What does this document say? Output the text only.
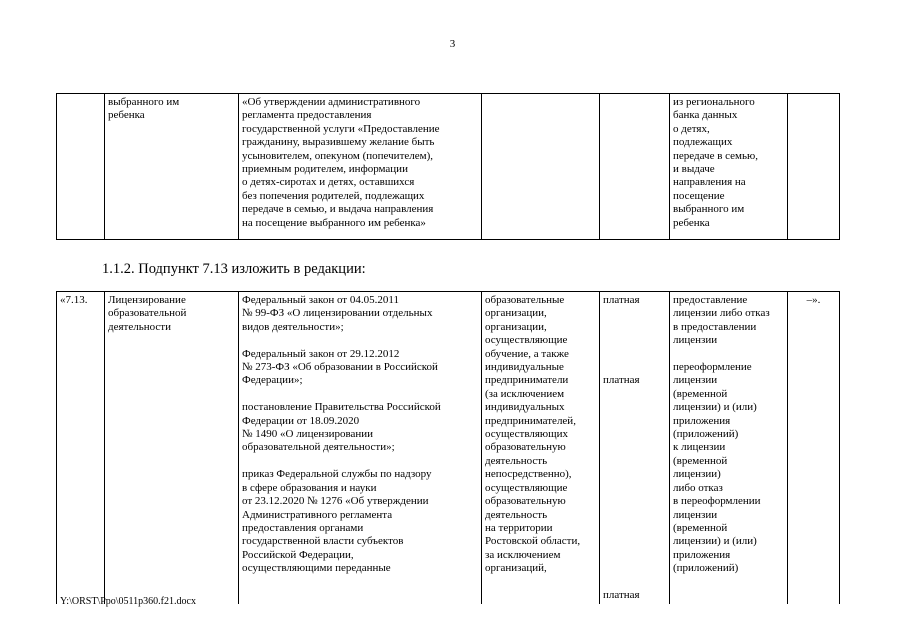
3
	выбранного им
ребенка	«Об утверждении административного
регламента предоставления
государственной услуги «Предоставление
гражданину, выразившему желание быть
усыновителем, опекуном (попечителем),
приемным родителем, информации
о детях-сиротах и детях, оставшихся
без попечения родителей, подлежащих
передаче в семью, и выдача направления
на посещение выбранного им ребенка»			из регионального
банка данных
о детях,
подлежащих
передаче в семью,
и выдаче
направления на
посещение
выбранного им
ребенка	
1.1.2. Подпункт 7.13 изложить в редакции:
«7.13.	Лицензирование
образовательной
деятельности	Федеральный закон от 04.05.2011
№ 99-ФЗ «О лицензировании отдельных
видов деятельности»;

Федеральный закон от 29.12.2012
№ 273-ФЗ «Об образовании в Российской
Федерации»;

постановление Правительства Российской
Федерации от 18.09.2020
№ 1490 «О лицензировании
образовательной деятельности»;

приказ Федеральной службы по надзору
в сфере образования и науки
от 23.12.2020 № 1276 «Об утверждении
Административного регламента
предоставления органами
государственной власти субъектов
Российской Федерации,
осуществляющими переданные	образовательные
организации,
организации,
осуществляющие
обучение, а также
индивидуальные
предприниматели
(за исключением
индивидуальных
предпринимателей,
осуществляющих
образовательную
деятельность
непосредственно),
осуществляющие
образовательную
деятельность
на территории
Ростовской области,
за исключением
организаций,	платная

платная

платная	предоставление
лицензии либо отказ
в предоставлении
лицензии

переоформление
лицензии
(временной
лицензии) и (или)
приложения
(приложений)
к лицензии
(временной
лицензии)
либо отказ
в переоформлении
лицензии
(временной
лицензии) и (или)
приложения
(приложений)	–».
Y:\ORST\Ppo\0511p360.f21.docx
